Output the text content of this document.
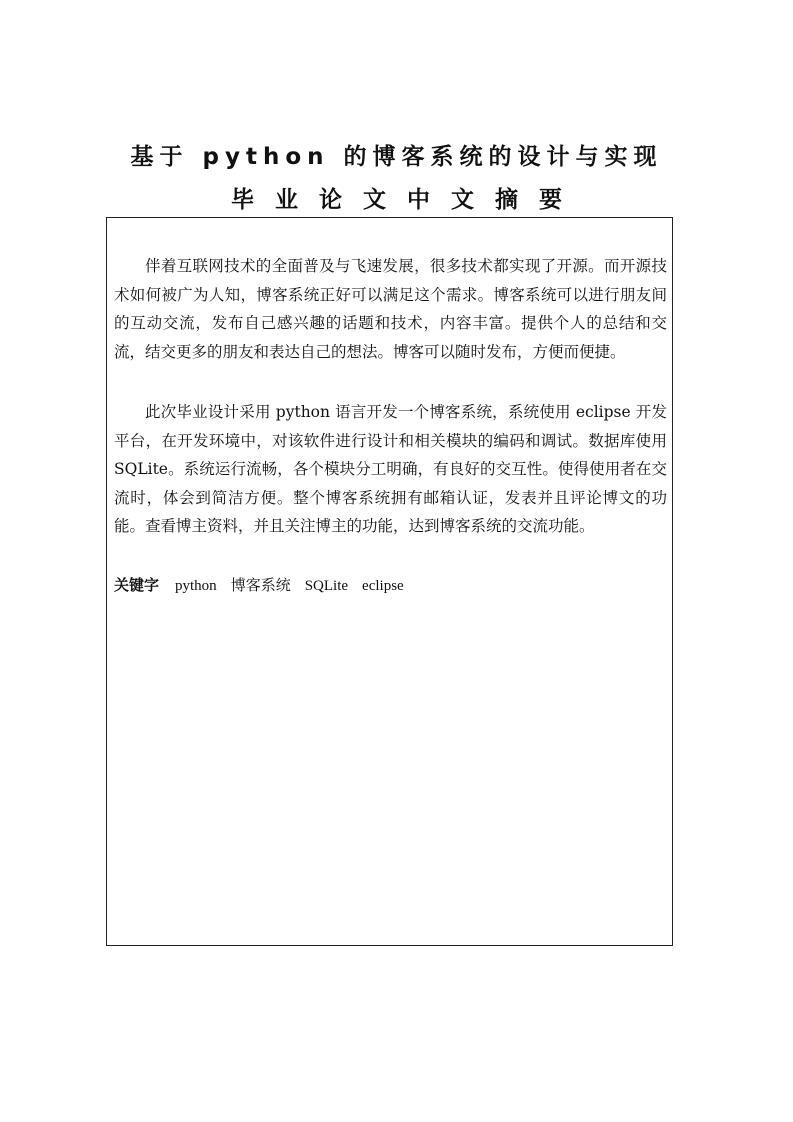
基于 python 的博客系统的设计与实现
毕 业 论 文 中 文 摘 要

伴着互联网技术的全面普及与飞速发展，很多技术都实现了开源。而开源技术如何被广为人知，博客系统正好可以满足这个需求。博客系统可以进行朋友间的互动交流，发布自己感兴趣的话题和技术，内容丰富。提供个人的总结和交流，结交更多的朋友和表达自己的想法。博客可以随时发布，方便而便捷。

此次毕业设计采用 python 语言开发一个博客系统，系统使用 eclipse 开发平台，在开发环境中，对该软件进行设计和相关模块的编码和调试。数据库使用 SQLite。系统运行流畅，各个模块分工明确，有良好的交互性。使得使用者在交流时，体会到简洁方便。整个博客系统拥有邮箱认证，发表并且评论博文的功能。查看博主资料，并且关注博主的功能，达到博客系统的交流功能。

关键字 python 博客系统 SQLite eclipse
